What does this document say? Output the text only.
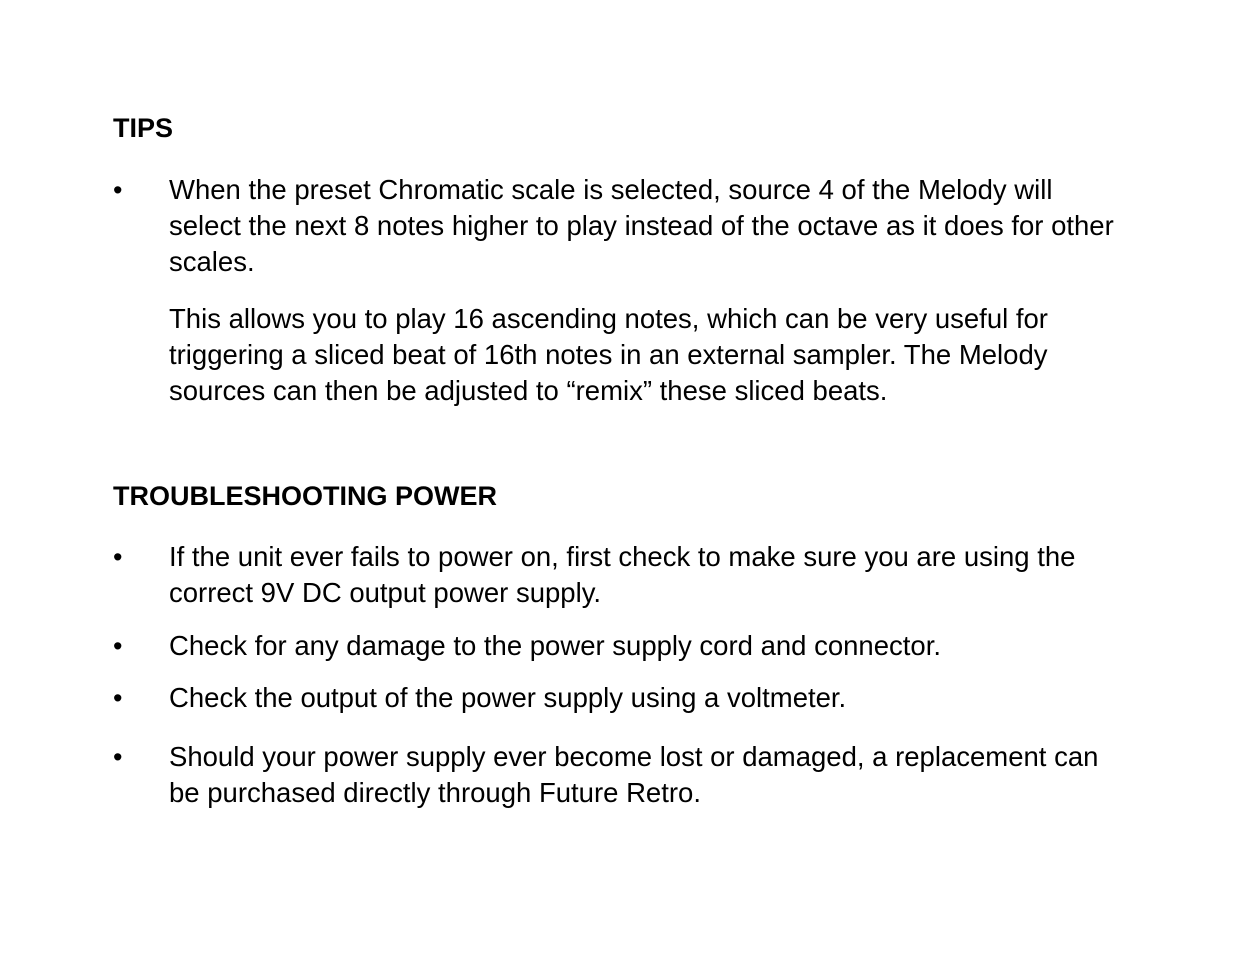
TIPS
• When the preset Chromatic scale is selected, source 4 of the Melody will select the next 8 notes higher to play instead of the octave as it does for other scales.

This allows you to play 16 ascending notes, which can be very useful for triggering a sliced beat of 16th notes in an external sampler. The Melody sources can then be adjusted to “remix” these sliced beats.

TROUBLESHOOTING POWER
• If the unit ever fails to power on, first check to make sure you are using the correct 9V DC output power supply.

• Check for any damage to the power supply cord and connector.

• Check the output of the power supply using a voltmeter.

• Should your power supply ever become lost or damaged, a replacement can be purchased directly through Future Retro.
